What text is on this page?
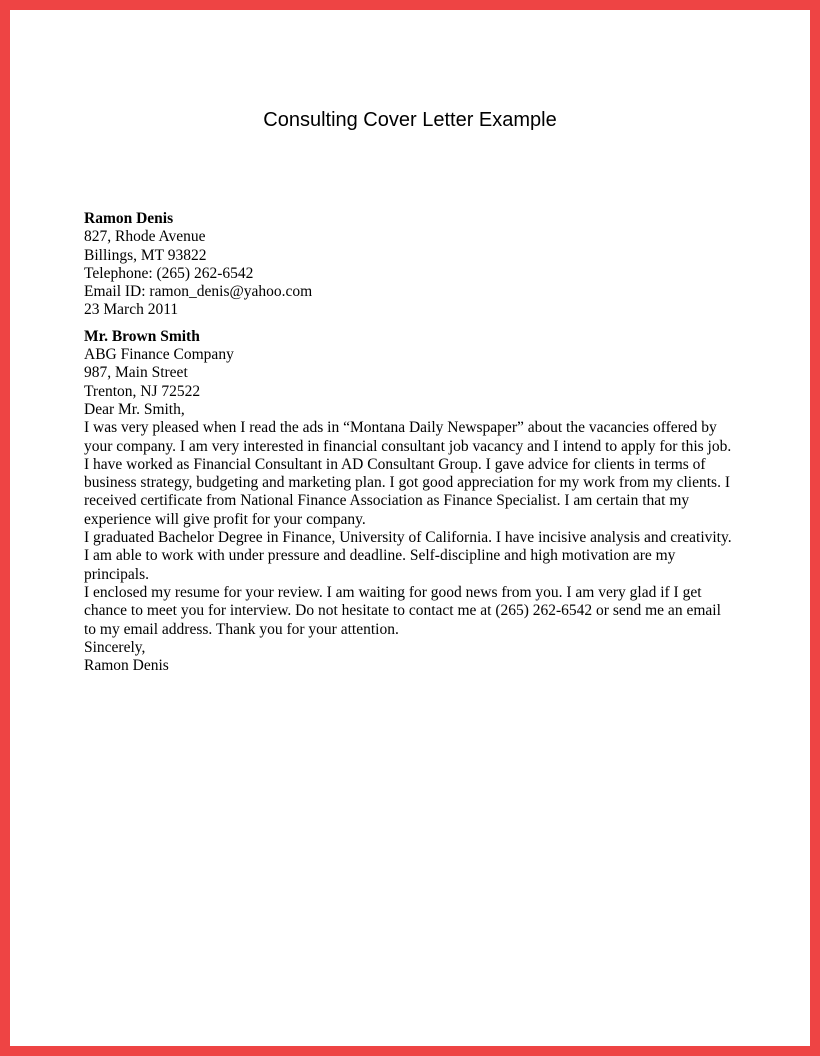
Consulting Cover Letter Example

Ramon Denis

827, Rhode Avenue

Billings, MT 93822

Telephone: (265) 262-6542

Email ID: ramon_denis@yahoo.com

23 March 2011

Mr. Brown Smith

ABG Finance Company

987, Main Street

Trenton, NJ 72522

Dear Mr. Smith,

I was very pleased when I read the ads in “Montana Daily Newspaper” about the vacancies offered by your company. I am very interested in financial consultant job vacancy and I intend to apply for this job.

I have worked as Financial Consultant in AD Consultant Group. I gave advice for clients in terms of business strategy, budgeting and marketing plan. I got good appreciation for my work from my clients. I received certificate from National Finance Association as Finance Specialist. I am certain that my experience will give profit for your company.

I graduated Bachelor Degree in Finance, University of California. I have incisive analysis and creativity. I am able to work with under pressure and deadline. Self-discipline and high motivation are my principals.

I enclosed my resume for your review. I am waiting for good news from you. I am very glad if I get chance to meet you for interview. Do not hesitate to contact me at (265) 262-6542 or send me an email to my email address. Thank you for your attention.

Sincerely,

Ramon Denis
